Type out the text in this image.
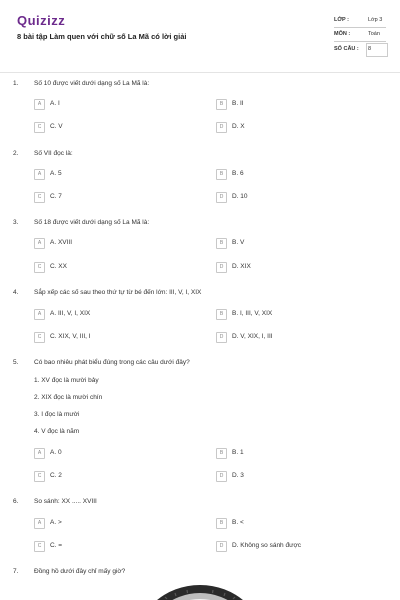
Quizizz
8 bài tập Làm quen với chữ số La Mã có lời giải
LỚP :	Lớp 3
MÔN :	Toán
SỐ CÂU : 8
1. Số 10 được viết dưới dạng số La Mã là:
A	A. I	B	B. II
C	C. V	D	D. X
2. Số VII đọc là:
A	A. 5	B	B. 6
C	C. 7	D	D. 10
3. Số 18 được viết dưới dạng số La Mã là:
A	A. XVIII	B	B. V
C	C. XX	D	D. XIX
4. Sắp xếp các số sau theo thứ tự từ bé đến lớn: III, V, I, XIX
A	A. III, V, I, XIX	B	B. I, III, V, XIX
C	C. XIX, V, III, I	D	D. V, XIX, I, III
5. Có bao nhiêu phát biểu đúng trong các câu dưới đây?
1. XV đọc là mười bảy
2. XIX đọc là mười chín
3. I đọc là mười
4. V đọc là năm
A	A. 0	B	B. 1
C	C. 2	D	D. 3
6. So sánh: XX ..... XVIII
A	A. >	B	B. <
C	C. =	D	D. Không so sánh được
7. Đồng hồ dưới đây chỉ mấy giờ?
